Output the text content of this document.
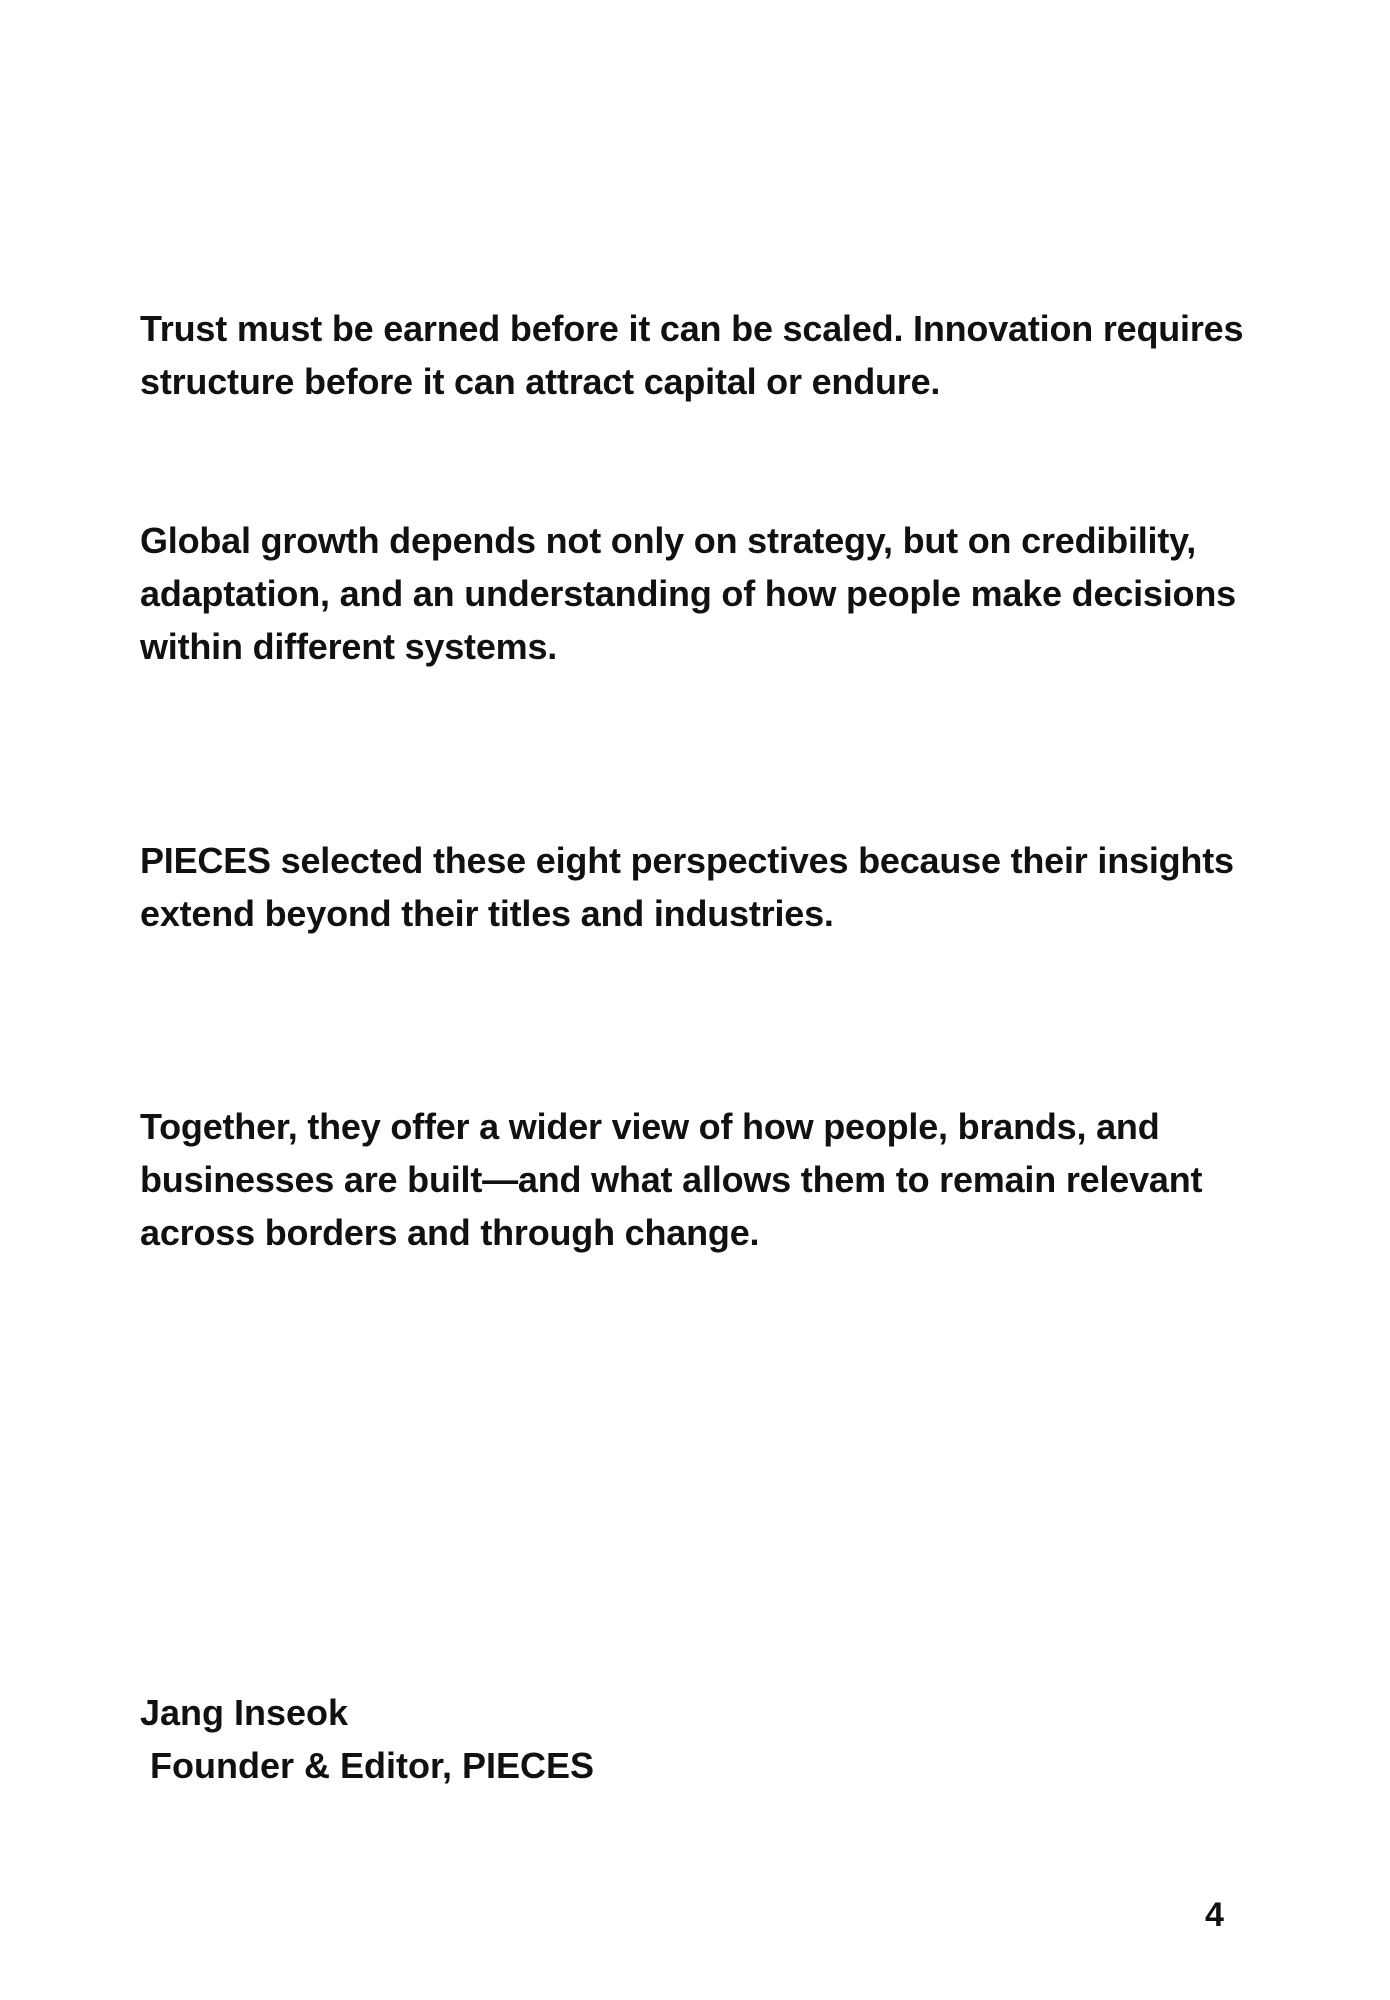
Trust must be earned before it can be scaled. Innovation requires
structure before it can attract capital or endure.

Global growth depends not only on strategy, but on credibility,
adaptation, and an understanding of how people make decisions
within different systems.

PIECES selected these eight perspectives because their insights
extend beyond their titles and industries.

Together, they offer a wider view of how people, brands, and
businesses are built—and what allows them to remain relevant
across borders and through change.

Jang Inseok
Founder & Editor, PIECES
4
